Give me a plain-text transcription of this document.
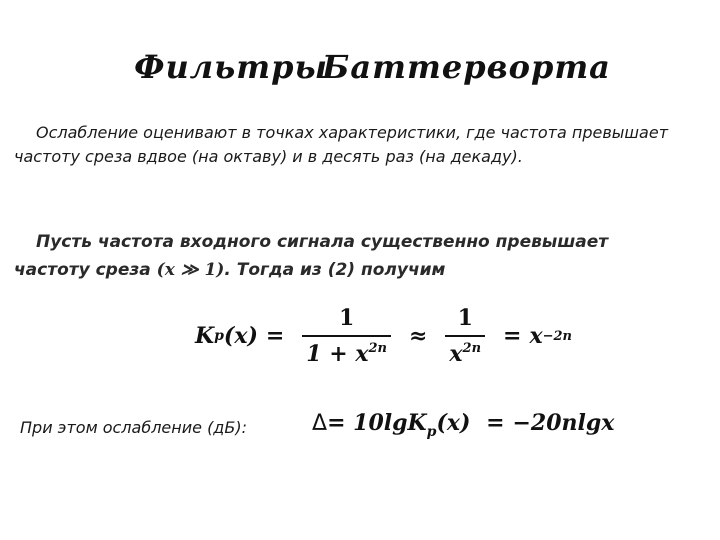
ФильтрыБаттерворта
Ослабление оценивают в точках характеристики, где частота превышает частоту среза вдвое (на октаву) и в десять раз (на декаду).
Пусть частота входного сигнала существенно превышает частоту среза (x ≫ 1). Тогда из (2) получим
K p $(x) = \frac{1}{1 + x^{2n}} \approx \frac{1}{x^{2n}} = x -2n$
При этом ослабление (дБ):	Δ= 10lgK$_p$(x) = −20nlgx
